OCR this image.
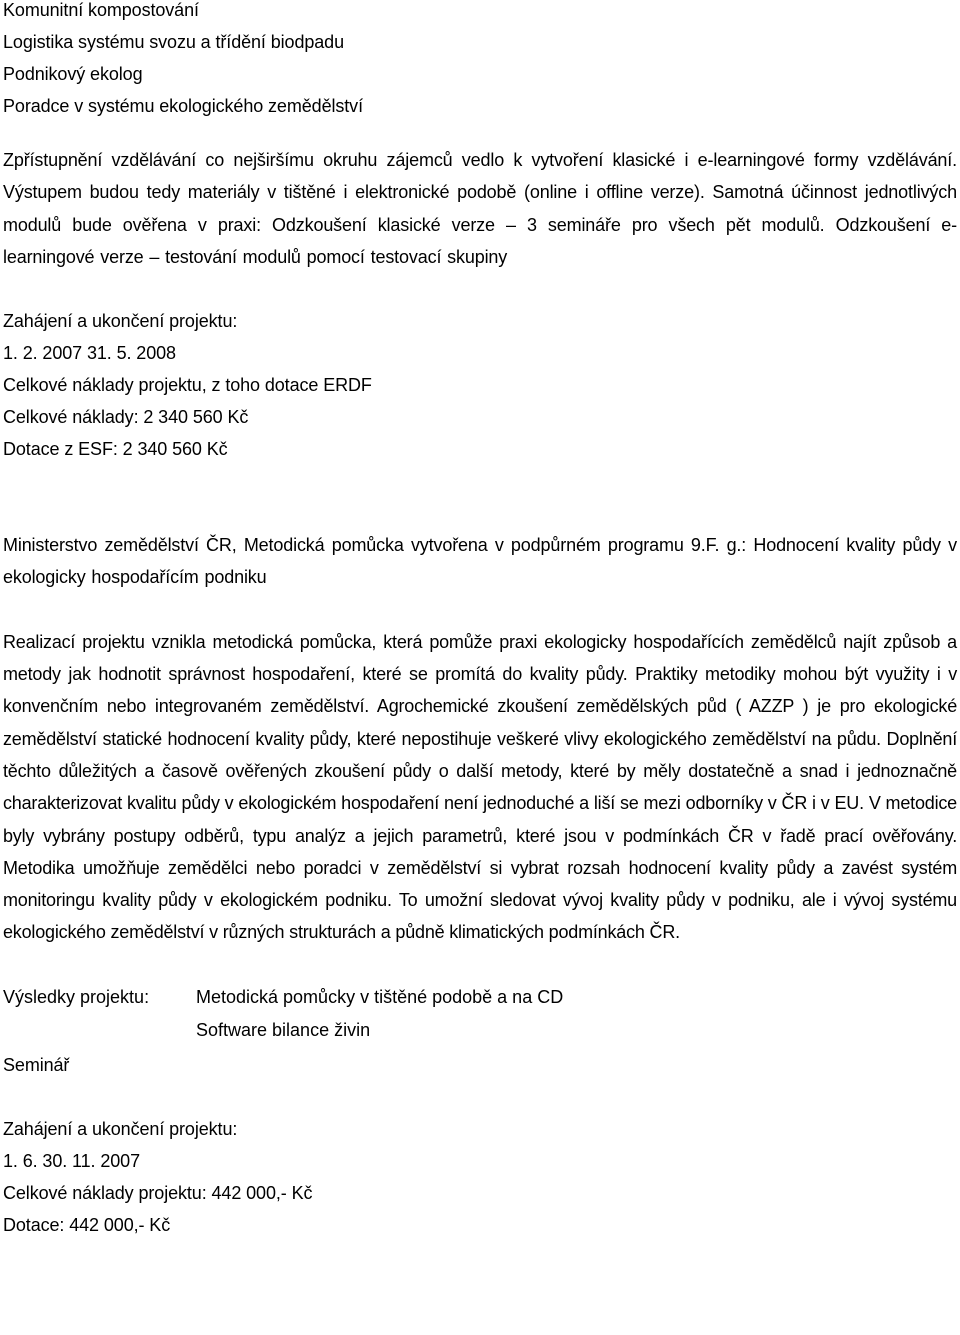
Komunitní kompostování
Logistika systému svozu a třídění biodpadu
Podnikový ekolog
Poradce v systému ekologického zemědělství

Zpřístupnění vzdělávání co nejširšímu okruhu zájemců vedlo k vytvoření klasické i e-learningové formy vzdělávání. Výstupem budou tedy materiály v tištěné i elektronické podobě (online i offline verze). Samotná účinnost jednotlivých modulů bude ověřena v praxi: Odzkoušení klasické verze – 3 semináře pro všech pět modulů. Odzkoušení e-learningové verze – testování modulů pomocí testovací skupiny

Zahájení a ukončení projektu:
1. 2. 2007 31. 5. 2008
Celkové náklady projektu, z toho dotace ERDF
Celkové náklady: 2 340 560 Kč
Dotace z ESF: 2 340 560 Kč

Ministerstvo zemědělství ČR, Metodická pomůcka vytvořena v podpůrném programu 9.F. g.: Hodnocení kvality půdy v ekologicky hospodařícím podniku

Realizací projektu vznikla metodická pomůcka, která pomůže praxi ekologicky hospodařících zemědělců najít způsob a metody jak hodnotit správnost hospodaření, které se promítá do kvality půdy. Praktiky metodiky mohou být využity i v konvenčním nebo integrovaném zemědělství. Agrochemické zkoušení zemědělských půd ( AZZP ) je pro ekologické zemědělství statické hodnocení kvality půdy, které nepostihuje veškeré vlivy ekologického zemědělství na půdu. Doplnění těchto důležitých a časově ověřených zkoušení půdy o další metody, které by měly dostatečně a snad i jednoznačně charakterizovat kvalitu půdy v ekologickém hospodaření není jednoduché a liší se mezi odborníky v ČR i v EU. V metodice byly vybrány postupy odběrů, typu analýz a jejich parametrů, které jsou v podmínkách ČR v řadě prací ověřovány. Metodika umožňuje zemědělci nebo poradci v zemědělství si vybrat rozsah hodnocení kvality půdy a zavést systém monitoringu kvality půdy v ekologickém podniku. To umožní sledovat vývoj kvality půdy v podniku, ale i vývoj systému ekologického zemědělství v různých strukturách a půdně klimatických podmínkách ČR.

Výsledky projektu:	Metodická pomůcky v tištěné podobě a na CD
Software bilance živin
Seminář
Zahájení a ukončení projektu:
1. 6. 30. 11. 2007
Celkové náklady projektu: 442 000,- Kč
Dotace: 442 000,- Kč
